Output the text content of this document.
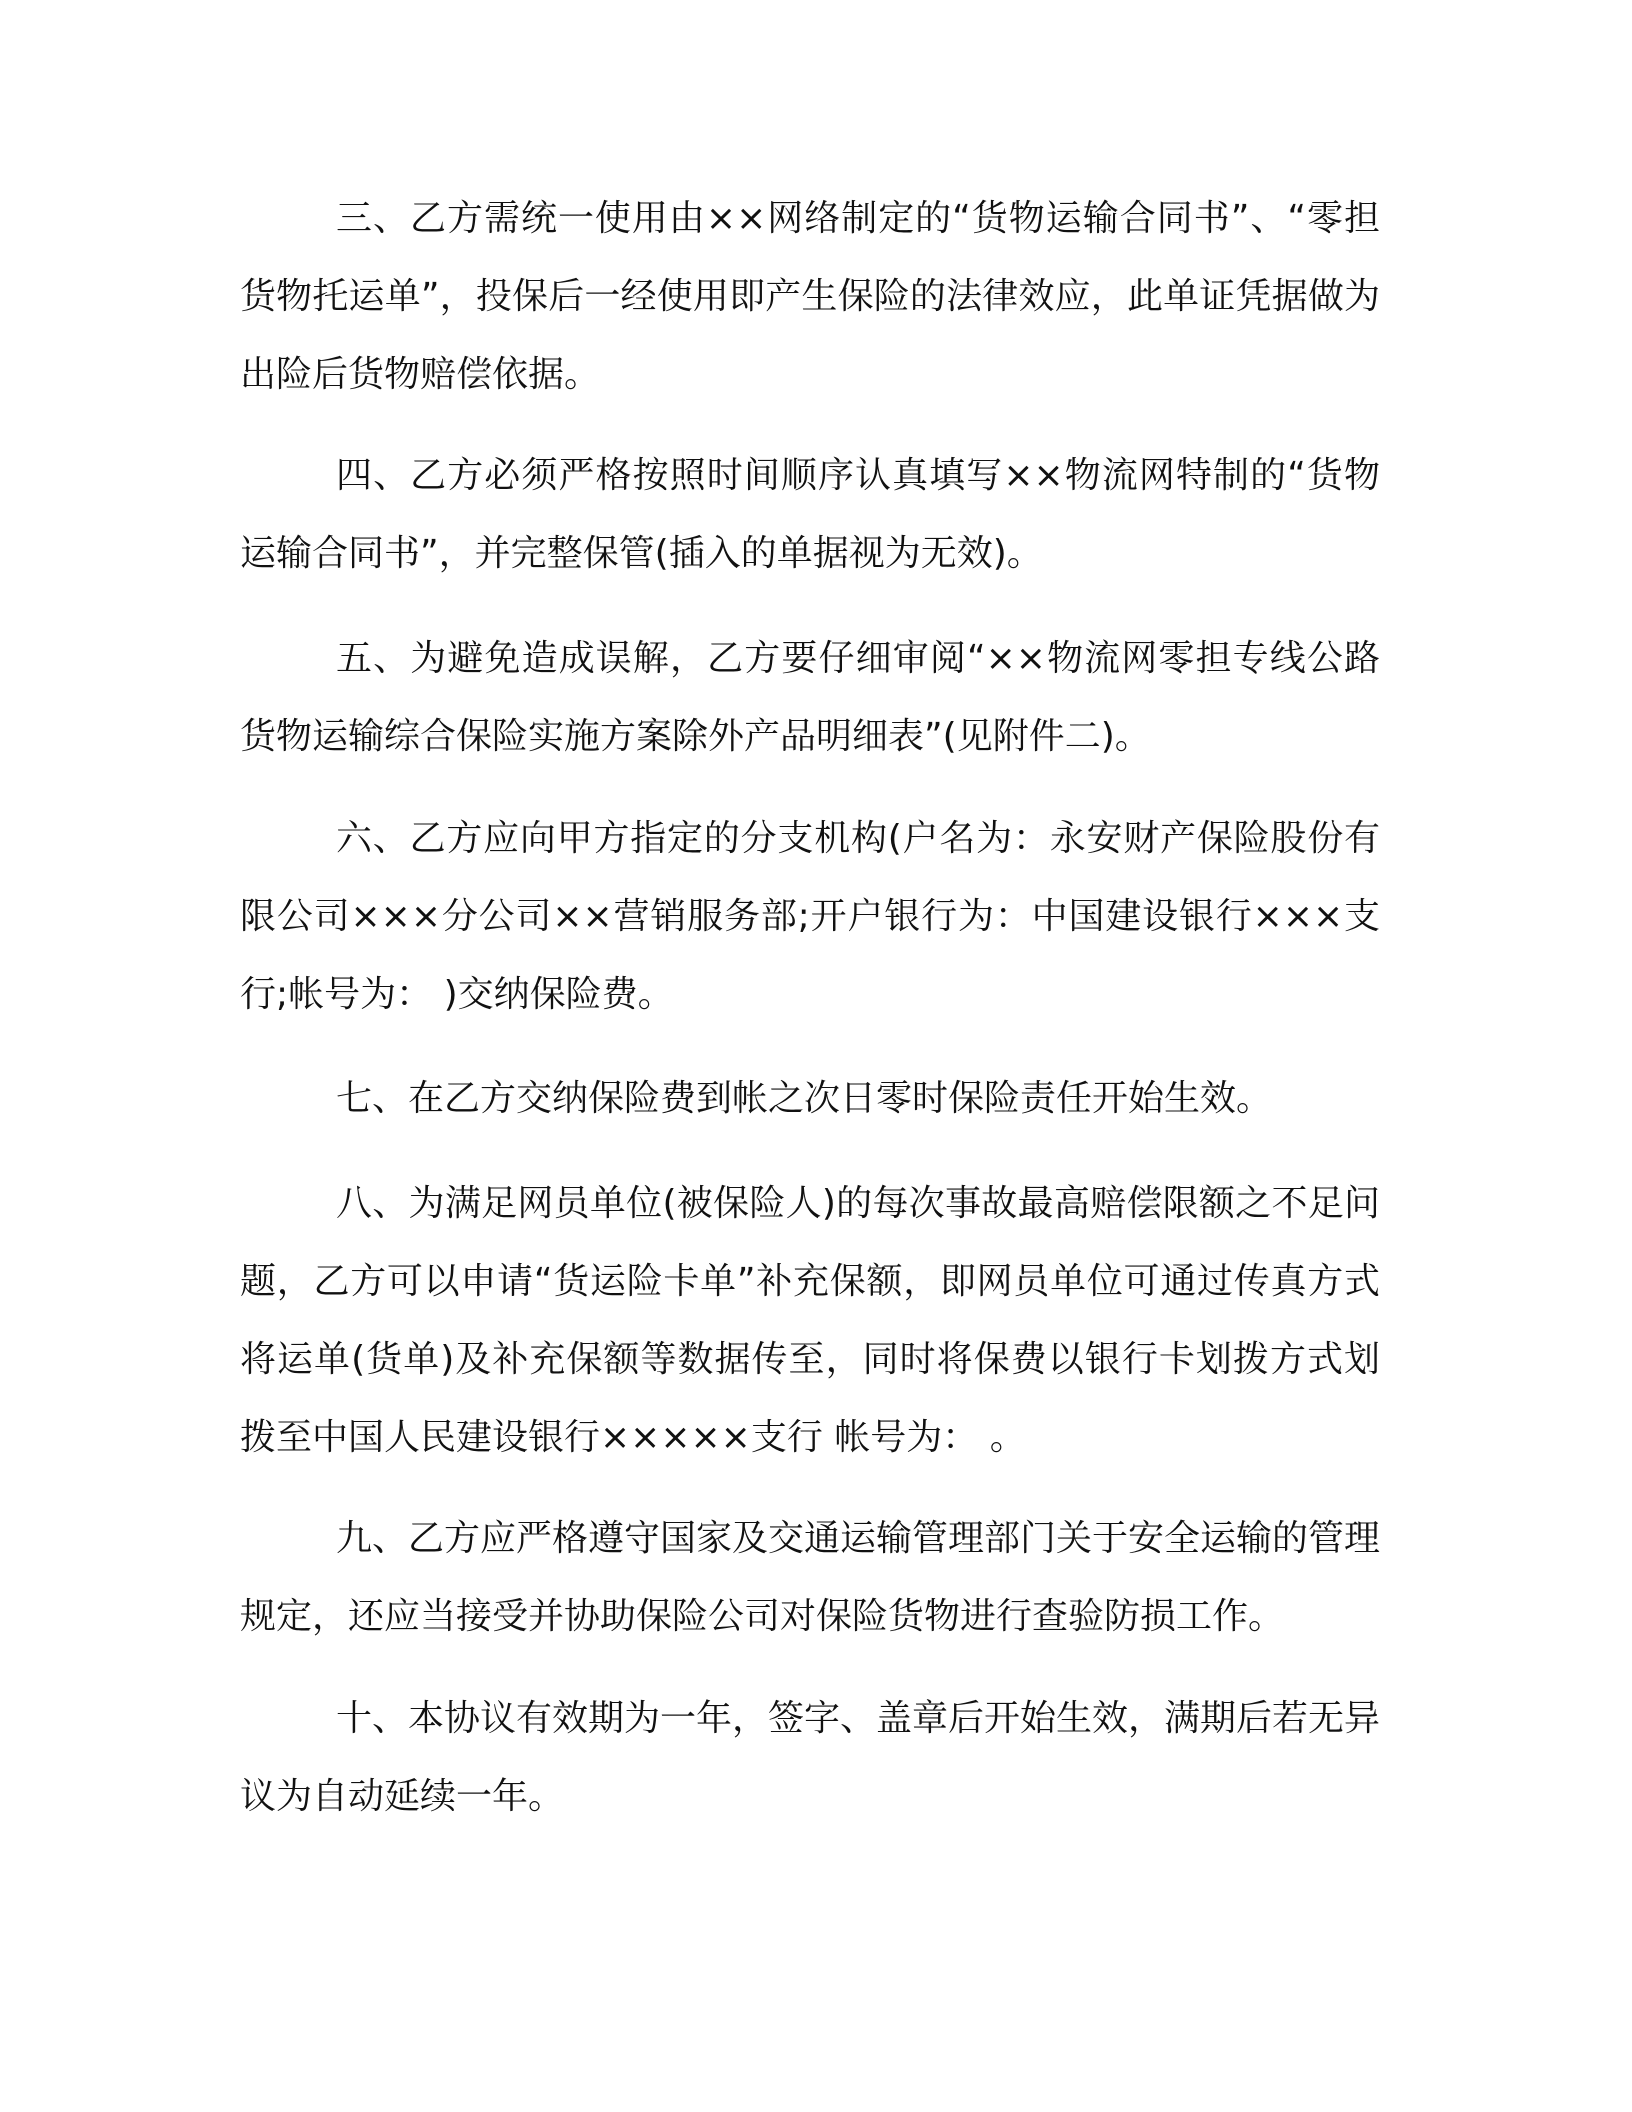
三、乙方需统一使用由××网络制定的“货物运输合同书”、“零担货物托运单”，投保后一经使用即产生保险的法律效应，此单证凭据做为出险后货物赔偿依据。

四、乙方必须严格按照时间顺序认真填写××物流网特制的“货物运输合同书”，并完整保管(插入的单据视为无效)。

五、为避免造成误解，乙方要仔细审阅“××物流网零担专线公路货物运输综合保险实施方案除外产品明细表”(见附件二)。

六、乙方应向甲方指定的分支机构(户名为：永安财产保险股份有限公司×××分公司××营销服务部;开户银行为：中国建设银行×××支行;帐号为： )交纳保险费。

七、在乙方交纳保险费到帐之次日零时保险责任开始生效。

八、为满足网员单位(被保险人)的每次事故最高赔偿限额之不足问题，乙方可以申请“货运险卡单”补充保额，即网员单位可通过传真方式将运单(货单)及补充保额等数据传至，同时将保费以银行卡划拨方式划拨至中国人民建设银行×××××支行 帐号为： 。

九、乙方应严格遵守国家及交通运输管理部门关于安全运输的管理规定，还应当接受并协助保险公司对保险货物进行查验防损工作。

十、本协议有效期为一年，签字、盖章后开始生效，满期后若无异议为自动延续一年。
